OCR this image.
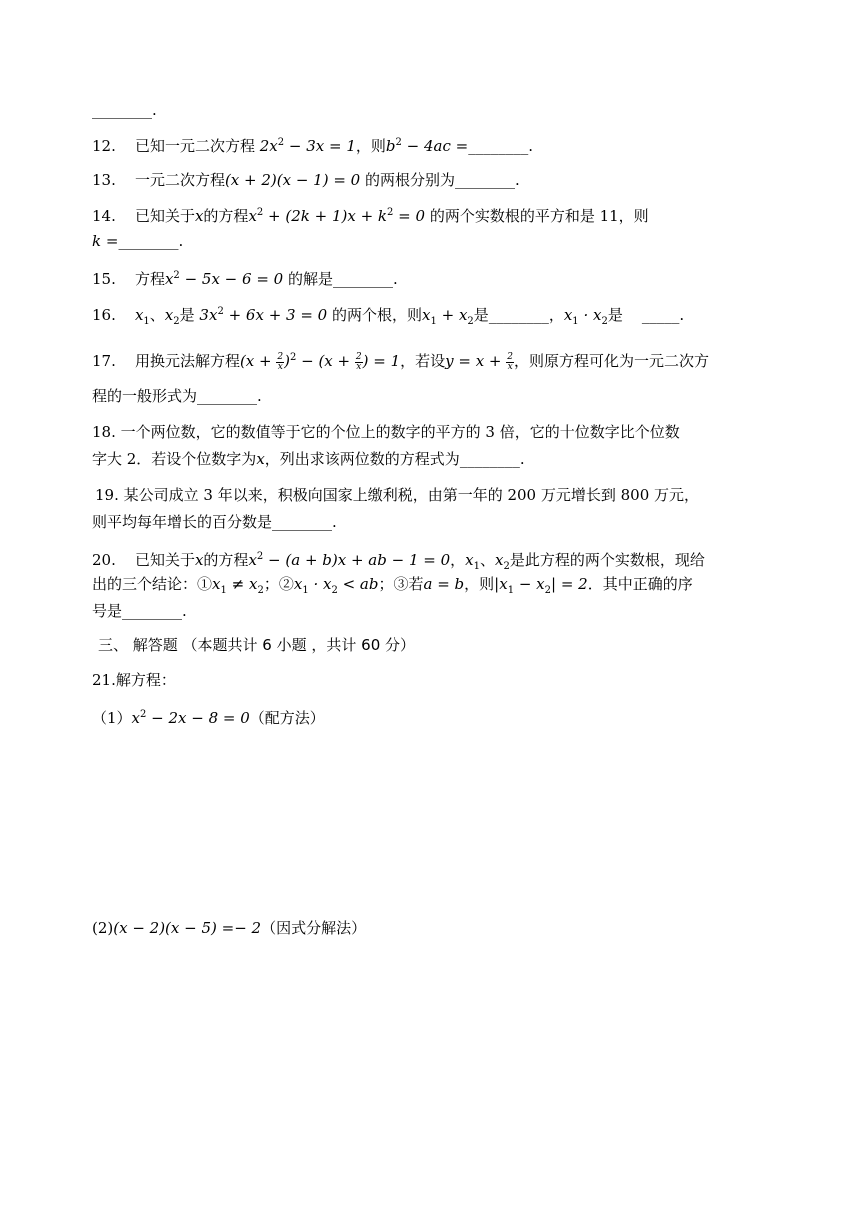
________.
12. 已知一元二次方程 $2x^2 - 3x = 1$，则$b^2 - 4ac$ =________.
13. 一元二次方程(x + 2)(x − 1) = 0 的两根分别为________.
14. 已知关于x的方程$x^2 + (2k + 1)x + k^2 = 0$ 的两个实数根的平方和是 11，则
k =________.
15. 方程$x^2 - 5x - 6 = 0$ 的解是________.
16. $x_1$、$x_2$是 $3x^2 + 6x + 3 = 0$ 的两个根，则$x_1 + x_2$是________，$x_1 \cdot x_2$是 _____.
17. 用换元法解方程$(x + \frac{2}{x} )^2 - (x + \frac{2}{x}$ ) = 1，若设$y = x + \frac{2}{x}$ ，则原方程可化为一元二次方
程的一般形式为________.
18. 一个两位数，它的数值等于它的个位上的数字的平方的 3 倍，它的十位数字比个位数
字大 2．若设个位数字为x，列出求该两位数的方程式为________.
19. 某公司成立 3 年以来，积极向国家上缴利税，由第一年的 200 万元增长到 800 万元，
则平均每年增长的百分数是________.
20. 已知关于x的方程$x^2 - (a + b)x$ + ab − 1 = 0，$x_1$、$x_2$是此方程的两个实数根，现给
出的三个结论：$①x_1 \ne x_2$；$②x_1 \cdot x_2$ < ab；③若a = b，则$|x_1 - x_2| = 2$．其中正确的序
号是________.
三、 解答题 （本题共计 6 小题 ，共计 60 分）
21.解方程：
$(1)x^2 - 2x - 8 = 0$（配方法）
(2)(x − 2)(x − 5) =− 2（因式分解法）
